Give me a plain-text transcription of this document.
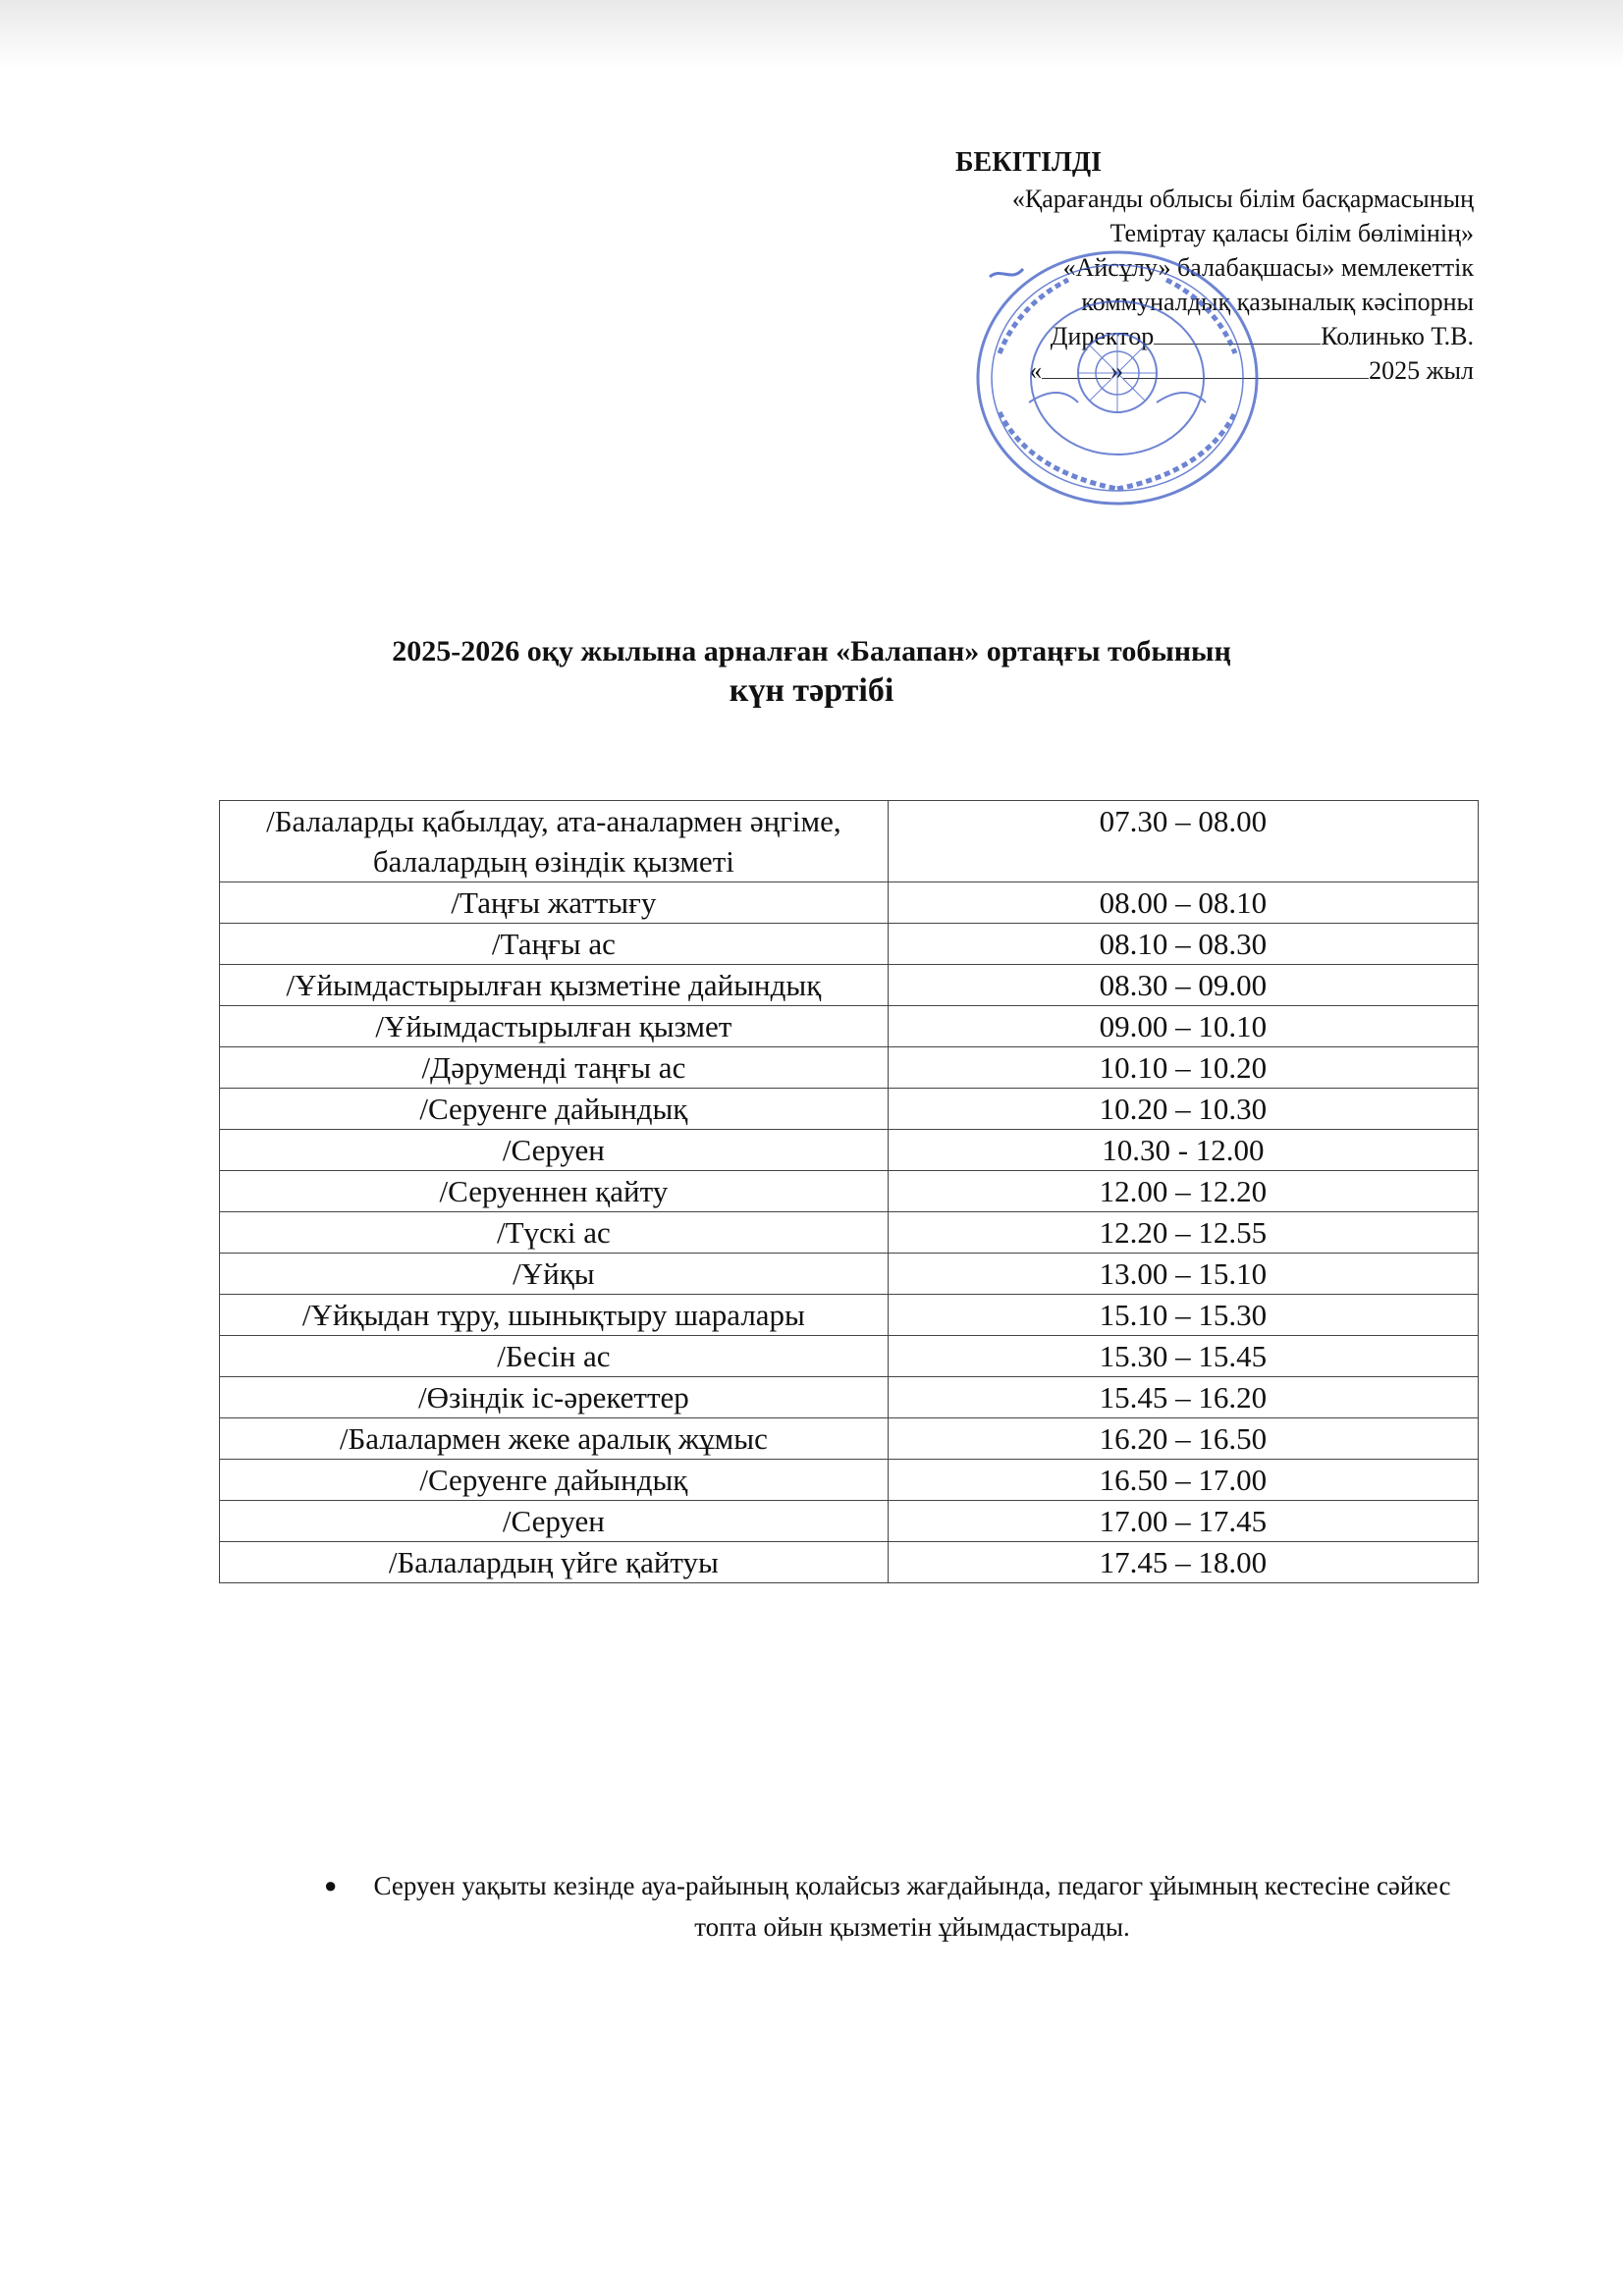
БЕКІТІЛДІ
«Қарағанды облысы білім басқармасының
Теміртау қаласы білім бөлімінің»
«Айсұлу» балабақшасы» мемлекеттік
коммуналдық қазыналық кәсіпорны
Директор	Колинько Т.В.
«	»	2025 жыл
2025-2026 оқу жылына арналған «Балапан» ортаңғы тобының
күн тәртібі
/Балаларды қабылдау, ата-аналармен әңгіме, балалардың өзіндік қызметі	07.30 – 08.00
/Таңғы жаттығу	08.00 – 08.10
/Таңғы ас	08.10 – 08.30
/Ұйымдастырылған қызметіне дайындық	08.30 – 09.00
/Ұйымдастырылған қызмет	09.00 – 10.10
/Дәруменді таңғы ас	10.10 – 10.20
/Серуенге дайындық	10.20 – 10.30
/Серуен	10.30 - 12.00
/Серуеннен қайту	12.00 – 12.20
/Түскі ас	12.20 – 12.55
/Ұйқы	13.00 – 15.10
/Ұйқыдан тұру, шынықтыру шаралары	15.10 – 15.30
/Бесін ас	15.30 – 15.45
/Өзіндік іс-әрекеттер	15.45 – 16.20
/Балалармен жеке аралық жұмыс	16.20 – 16.50
/Серуенге дайындық	16.50 – 17.00
/Серуен	17.00 – 17.45
/Балалардың үйге қайтуы	17.45 – 18.00
● Серуен уақыты кезінде ауа-райының қолайсыз жағдайында, педагог ұйымның кестесіне сәйкес топта ойын қызметін ұйымдастырады.
